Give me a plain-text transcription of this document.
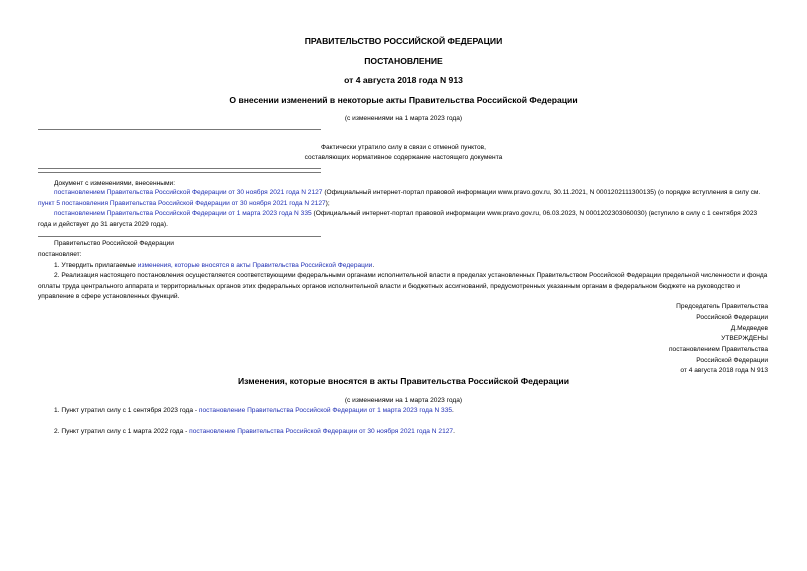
ПРАВИТЕЛЬСТВО РОССИЙСКОЙ ФЕДЕРАЦИИ
ПОСТАНОВЛЕНИЕ
от 4 августа 2018 года N 913
О внесении изменений в некоторые акты Правительства Российской Федерации
(с изменениями на 1 марта 2023 года)
Фактически утратило силу в связи с отменой пунктов,
составляющих нормативное содержание настоящего документа
Документ с изменениями, внесенными:
постановлением Правительства Российской Федерации от 30 ноября 2021 года N 2127 (Официальный интернет-портал правовой информации www.pravo.gov.ru, 30.11.2021, N 0001202111300135) (о порядке вступления в силу см. пункт 5 постановления Правительства Российской Федерации от 30 ноября 2021 года N 2127);
постановлением Правительства Российской Федерации от 1 марта 2023 года N 335 (Официальный интернет-портал правовой информации www.pravo.gov.ru, 06.03.2023, N 0001202303060030) (вступило в силу с 1 сентября 2023 года и действует до 31 августа 2029 года).
Правительство Российской Федерации
постановляет:
1. Утвердить прилагаемые изменения, которые вносятся в акты Правительства Российской Федерации.
2. Реализация настоящего постановления осуществляется соответствующими федеральными органами исполнительной власти в пределах установленных Правительством Российской Федерации предельной численности и фонда оплаты труда центрального аппарата и территориальных органов этих федеральных органов исполнительной власти и бюджетных ассигнований, предусмотренных указанным органам в федеральном бюджете на руководство и управление в сфере установленных функций.
Председатель Правительства
Российской Федерации
Д.Медведев
УТВЕРЖДЕНЫ
постановлением Правительства
Российской Федерации
от 4 августа 2018 года N 913
Изменения, которые вносятся в акты Правительства Российской Федерации
(с изменениями на 1 марта 2023 года)
1. Пункт утратил силу с 1 сентября 2023 года - постановление Правительства Российской Федерации от 1 марта 2023 года N 335.
2. Пункт утратил силу с 1 марта 2022 года - постановление Правительства Российской Федерации от 30 ноября 2021 года N 2127.
